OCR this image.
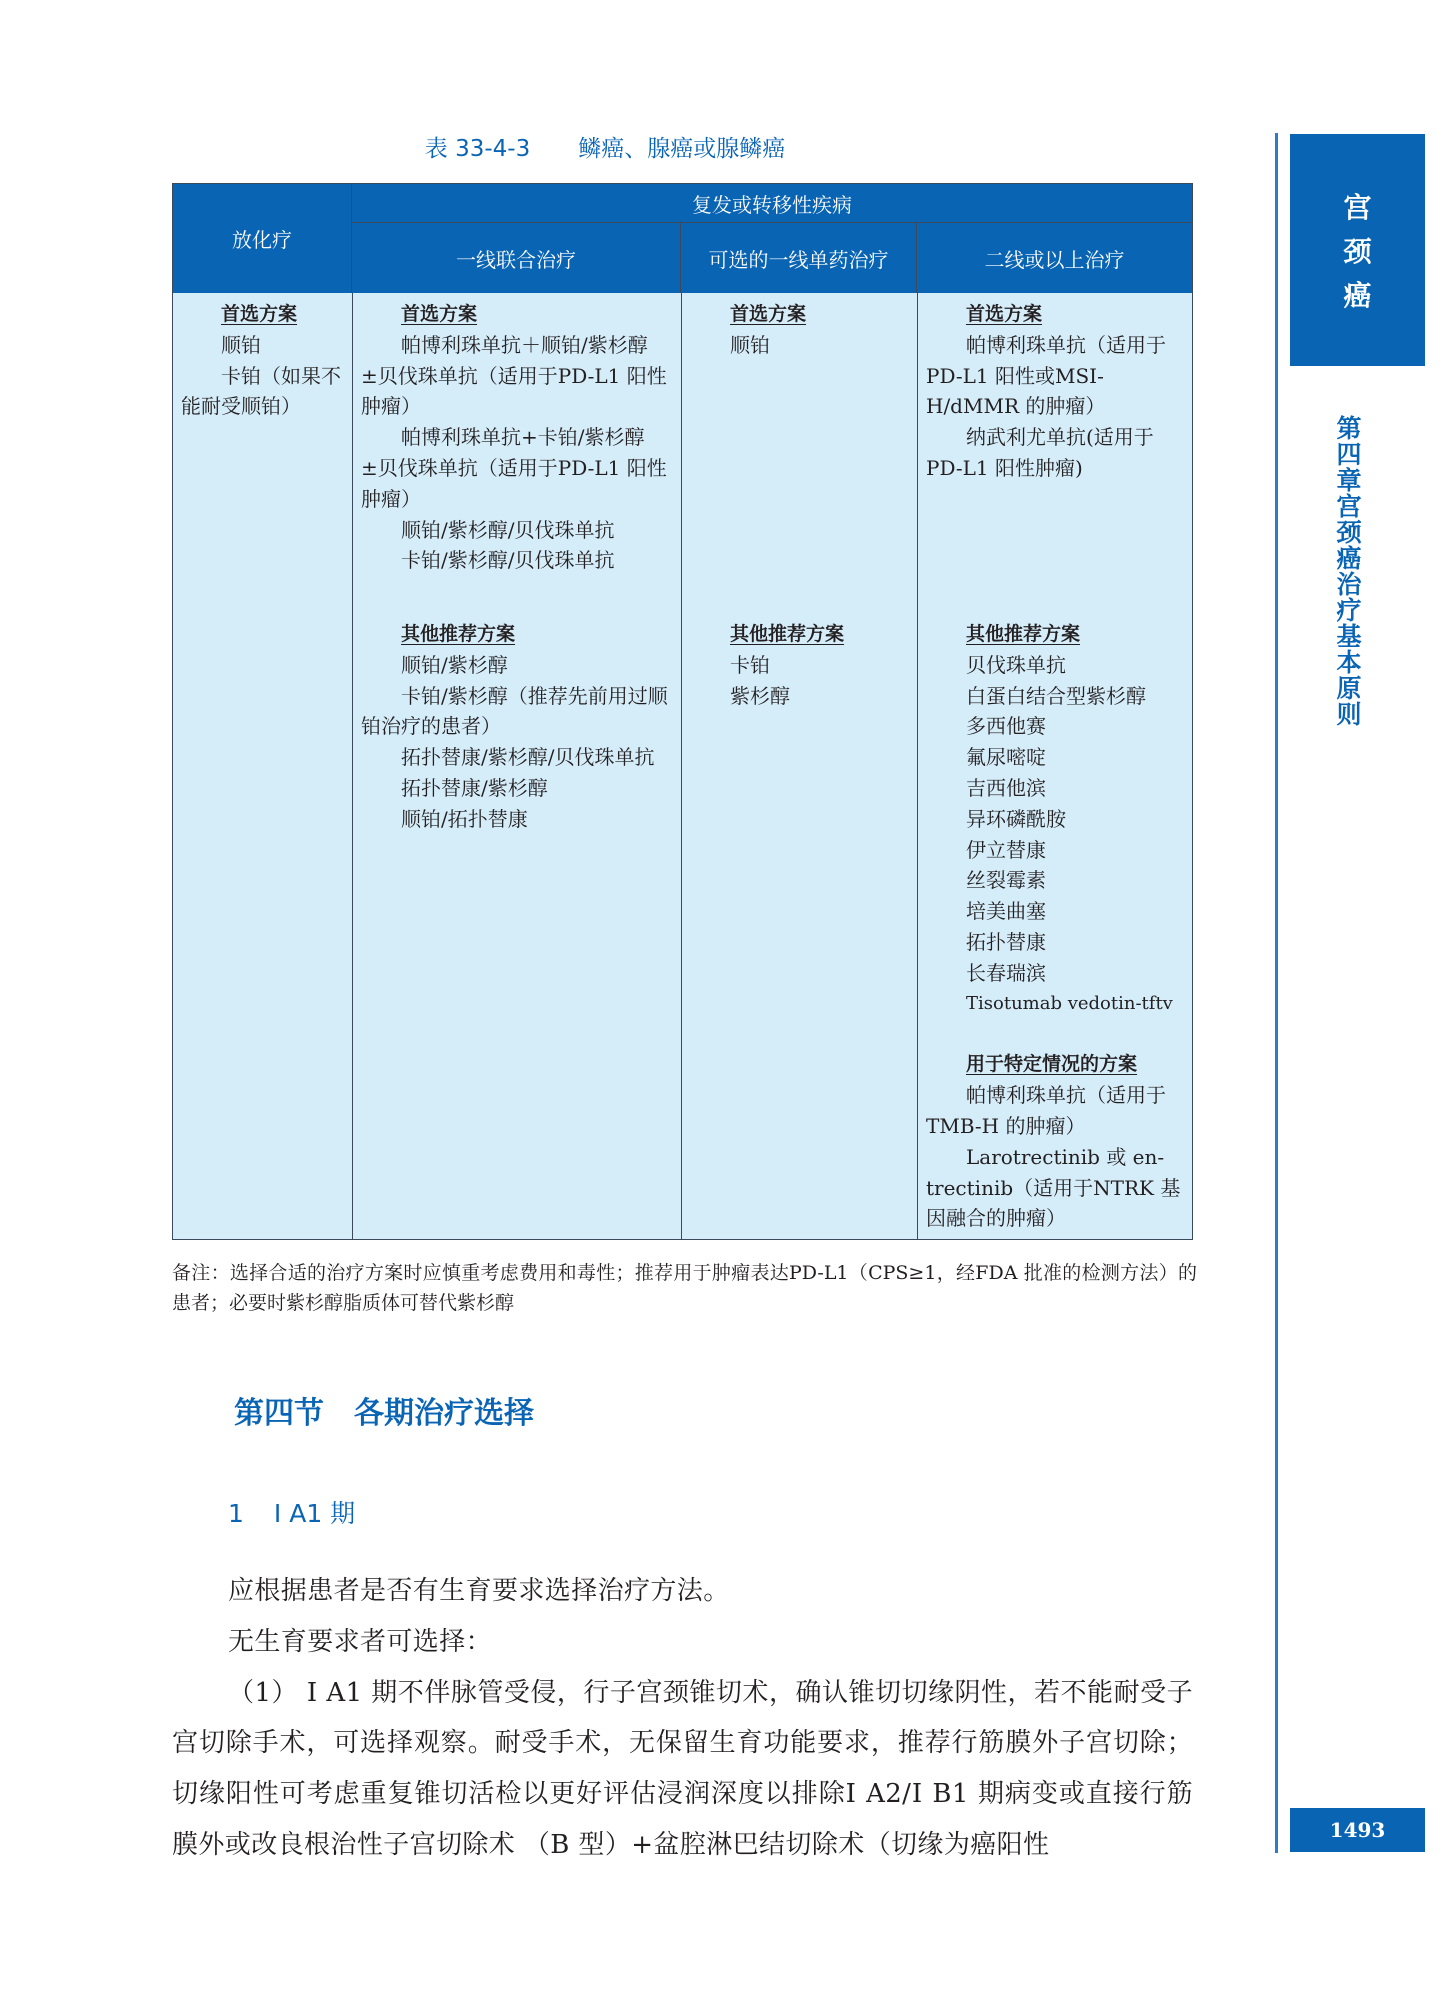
表 33-4-3 鳞癌、腺癌或腺鳞癌
放化疗
复发或转移性疾病
一线联合治疗	可选的一线单药治疗	二线或以上治疗
首选方案

顺铂

卡铂（如果不能耐受顺铂）

首选方案

帕博利珠单抗＋顺铂/紫杉醇±贝伐珠单抗（适用于PD-L1 阳性肿瘤）

帕博利珠单抗+卡铂/紫杉醇±贝伐珠单抗（适用于PD-L1 阳性肿瘤）

顺铂/紫杉醇/贝伐珠单抗

卡铂/紫杉醇/贝伐珠单抗

其他推荐方案

顺铂/紫杉醇

卡铂/紫杉醇（推荐先前用过顺铂治疗的患者）

拓扑替康/紫杉醇/贝伐珠单抗

拓扑替康/紫杉醇

顺铂/拓扑替康

首选方案

顺铂

其他推荐方案

卡铂

紫杉醇

首选方案

帕博利珠单抗（适用于PD-L1 阳性或MSI-H/dMMR 的肿瘤）

纳武利尤单抗(适用于PD-L1 阳性肿瘤)

其他推荐方案

贝伐珠单抗

白蛋白结合型紫杉醇

多西他赛

氟尿嘧啶

吉西他滨

异环磷酰胺

伊立替康

丝裂霉素

培美曲塞

拓扑替康

长春瑞滨

Tisotumab vedotin-tftv

用于特定情况的方案

帕博利珠单抗（适用于TMB-H 的肿瘤）

Larotrectinib 或 en-trectinib（适用于NTRK 基因融合的肿瘤）

备注：选择合适的治疗方案时应慎重考虑费用和毒性；推荐用于肿瘤表达PD-L1（CPS≥1，经FDA 批准的检测方法）的患者；必要时紫杉醇脂质体可替代紫杉醇
第四节 各期治疗选择
1 Ⅰ A1 期

应根据患者是否有生育要求选择治疗方法。

无生育要求者可选择：

（1） Ⅰ A1 期不伴脉管受侵，行子宫颈锥切术，确认锥切切缘阴性，若不能耐受子宫切除手术，可选择观察。耐受手术，无保留生育功能要求，推荐行筋膜外子宫切除；切缘阳性可考虑重复锥切活检以更好评估浸润深度以排除Ⅰ A2/Ⅰ B1 期病变或直接行筋膜外或改良根治性子宫切除术 （B 型）+盆腔淋巴结切除术（切缘为癌阳性

宫
颈
癌
第四章　宫颈癌治疗基本原则
1493
